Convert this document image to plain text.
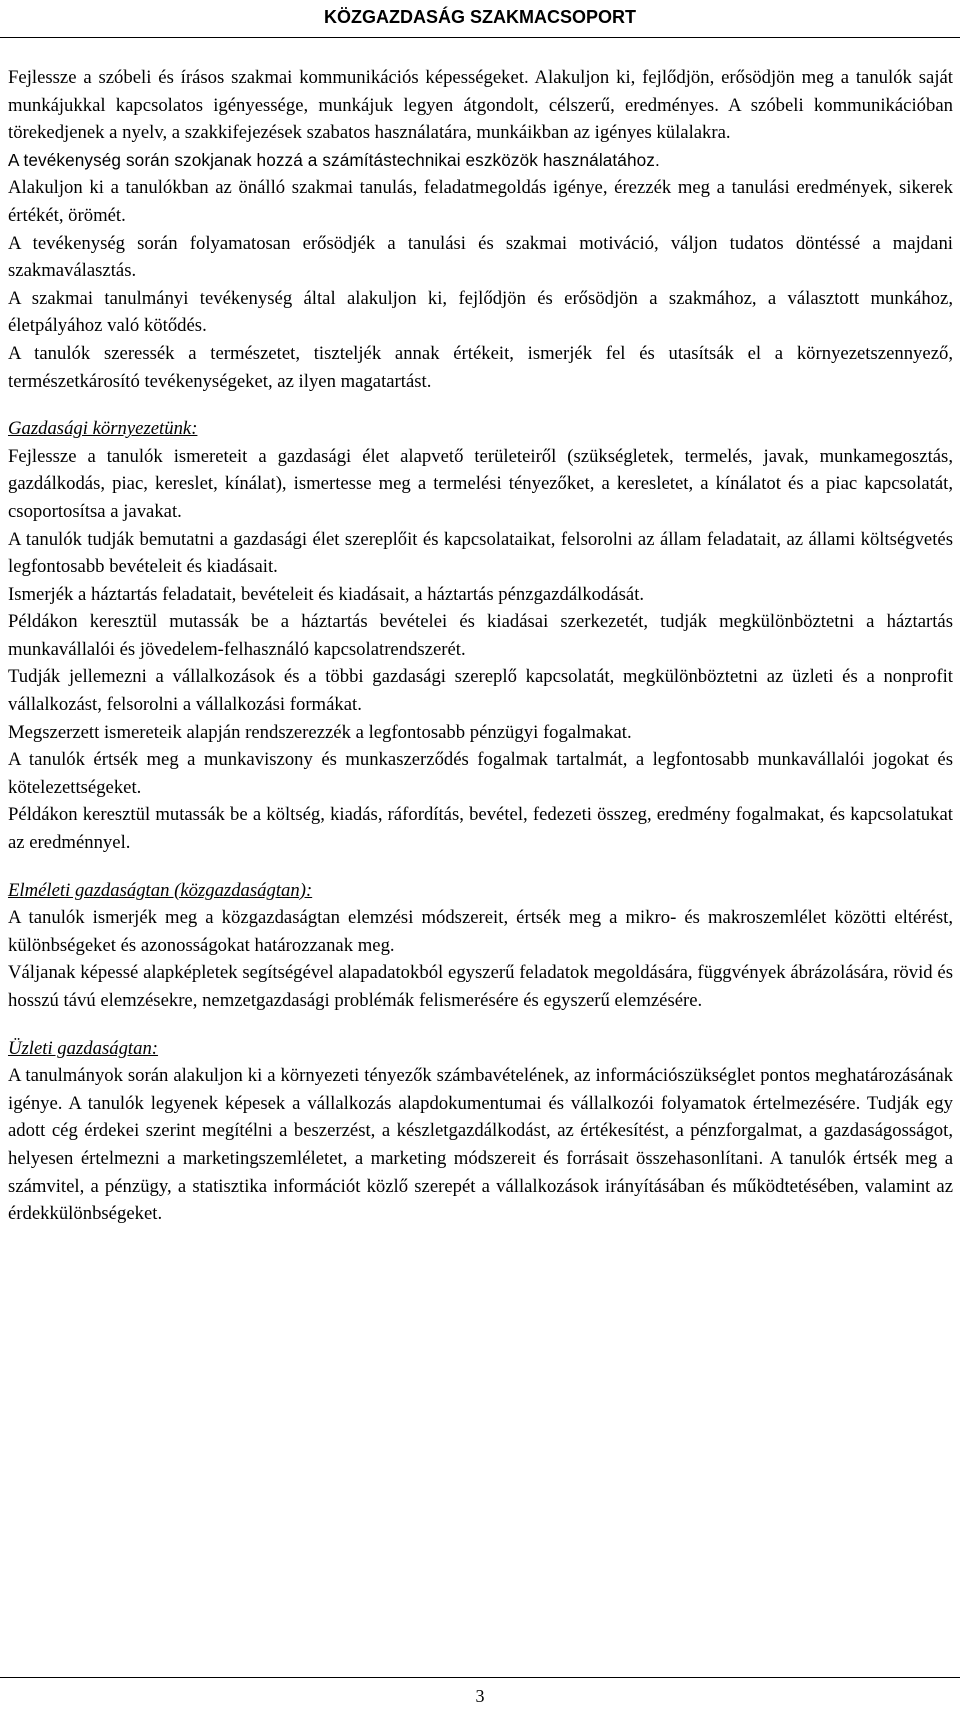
KÖZGAZDASÁG SZAKMACSOPORT

Fejlessze a szóbeli és írásos szakmai kommunikációs képességeket. Alakuljon ki, fejlődjön, erősödjön meg a tanulók saját munkájukkal kapcsolatos igényessége, munkájuk legyen átgondolt, célszerű, eredményes. A szóbeli kommunikációban törekedjenek a nyelv, a szakkifejezések szabatos használatára, munkáikban az igényes külalakra.

A tevékenység során szokjanak hozzá a számítástechnikai eszközök használatához.

Alakuljon ki a tanulókban az önálló szakmai tanulás, feladatmegoldás igénye, érezzék meg a tanulási eredmények, sikerek értékét, örömét.

A tevékenység során folyamatosan erősödjék a tanulási és szakmai motiváció, váljon tudatos döntéssé a majdani szakmaválasztás.

A szakmai tanulmányi tevékenység által alakuljon ki, fejlődjön és erősödjön a szakmához, a választott munkához, életpályához való kötődés.

A tanulók szeressék a természetet, tiszteljék annak értékeit, ismerjék fel és utasítsák el a környezetszennyező, természetkárosító tevékenységeket, az ilyen magatartást.

Gazdasági környezetünk:

Fejlessze a tanulók ismereteit a gazdasági élet alapvető területeiről (szükségletek, termelés, javak, munkamegosztás, gazdálkodás, piac, kereslet, kínálat), ismertesse meg a termelési tényezőket, a keresletet, a kínálatot és a piac kapcsolatát, csoportosítsa a javakat.

A tanulók tudják bemutatni a gazdasági élet szereplőit és kapcsolataikat, felsorolni az állam feladatait, az állami költségvetés legfontosabb bevételeit és kiadásait.

Ismerjék a háztartás feladatait, bevételeit és kiadásait, a háztartás pénzgazdálkodását.

Példákon keresztül mutassák be a háztartás bevételei és kiadásai szerkezetét, tudják megkülönböztetni a háztartás munkavállalói és jövedelem-felhasználó kapcsolatrendszerét.

Tudják jellemezni a vállalkozások és a többi gazdasági szereplő kapcsolatát, megkülönböztetni az üzleti és a nonprofit vállalkozást, felsorolni a vállalkozási formákat.

Megszerzett ismereteik alapján rendszerezzék a legfontosabb pénzügyi fogalmakat.

A tanulók értsék meg a munkaviszony és munkaszerződés fogalmak tartalmát, a legfontosabb munkavállalói jogokat és kötelezettségeket.

Példákon keresztül mutassák be a költség, kiadás, ráfordítás, bevétel, fedezeti összeg, eredmény fogalmakat, és kapcsolatukat az eredménnyel.

Elméleti gazdaságtan (közgazdaságtan):

A tanulók ismerjék meg a közgazdaságtan elemzési módszereit, értsék meg a mikro- és makroszemlélet közötti eltérést, különbségeket és azonosságokat határozzanak meg.

Váljanak képessé alapképletek segítségével alapadatokból egyszerű feladatok megoldására, függvények ábrázolására, rövid és hosszú távú elemzésekre, nemzetgazdasági problémák felismerésére és egyszerű elemzésére.

Üzleti gazdaságtan:

A tanulmányok során alakuljon ki a környezeti tényezők számbavételének, az információszükséglet pontos meghatározásának igénye. A tanulók legyenek képesek a vállalkozás alapdokumentumai és vállalkozói folyamatok értelmezésére. Tudják egy adott cég érdekei szerint megítélni a beszerzést, a készletgazdálkodást, az értékesítést, a pénzforgalmat, a gazdaságosságot, helyesen értelmezni a marketingszemléletet, a marketing módszereit és forrásait összehasonlítani. A tanulók értsék meg a számvitel, a pénzügy, a statisztika információt közlő szerepét a vállalkozások irányításában és működtetésében, valamint az érdekkülönbségeket.

3
